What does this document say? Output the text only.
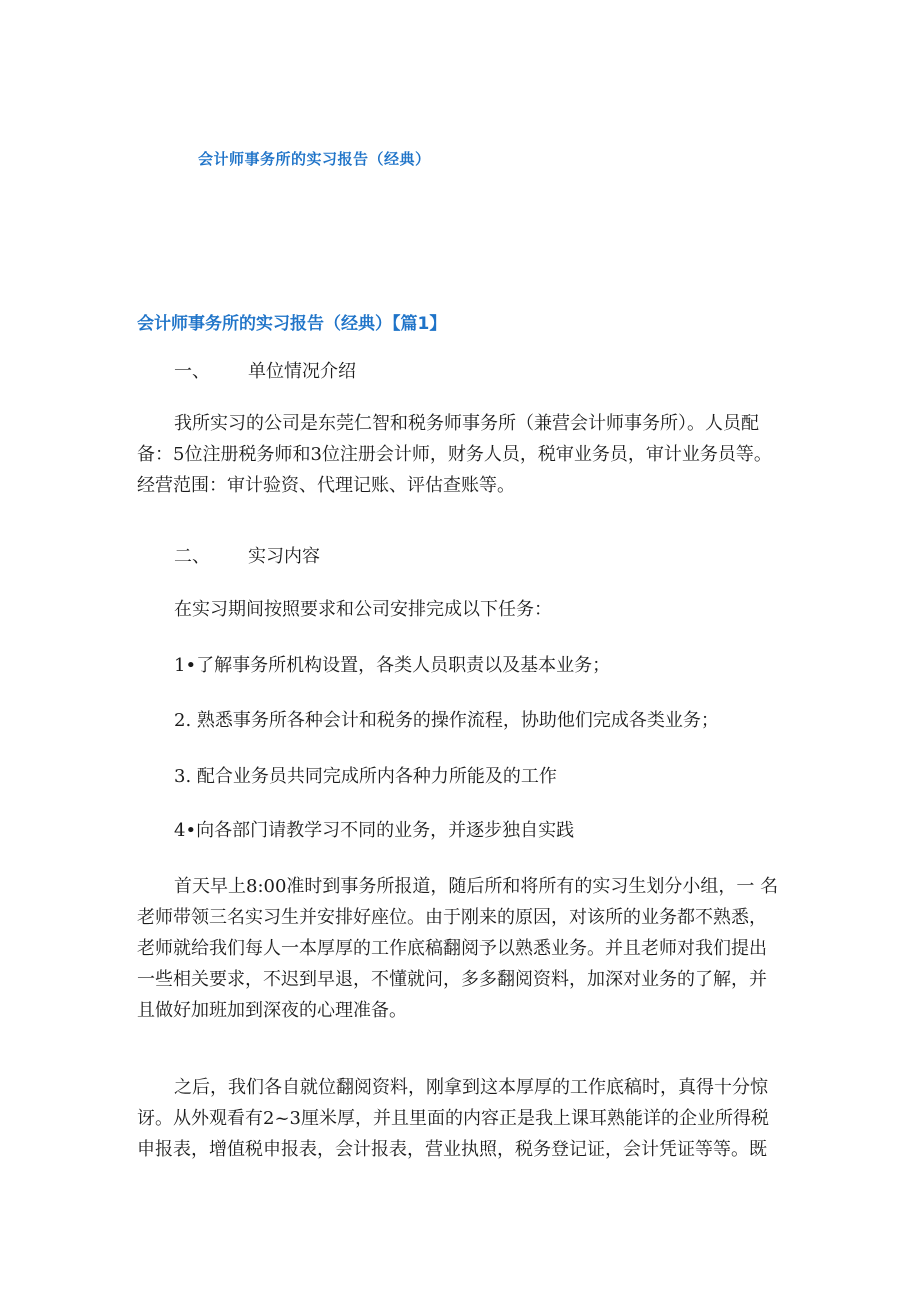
会计师事务所的实习报告（经典）
会计师事务所的实习报告（经典）【篇1】
一、 单位情况介绍
我所实习的公司是东莞仁智和税务师事务所（兼营会计师事务所）。人员配
备：5位注册税务师和3位注册会计师，财务人员，税审业务员，审计业务员等。
经营范围：审计验资、代理记账、评估查账等。
二、 实习内容
在实习期间按照要求和公司安排完成以下任务：
1•了解事务所机构设置，各类人员职责以及基本业务；
2. 熟悉事务所各种会计和税务的操作流程，协助他们完成各类业务；
3. 配合业务员共同完成所内各种力所能及的工作
4•向各部门请教学习不同的业务，并逐步独自实践
首天早上8:00准时到事务所报道，随后所和将所有的实习生划分小组，一 名
老师带领三名实习生并安排好座位。由于刚来的原因，对该所的业务都不熟悉，
老师就给我们每人一本厚厚的工作底稿翻阅予以熟悉业务。并且老师对我们提出
一些相关要求，不迟到早退，不懂就问，多多翻阅资料，加深对业务的了解，并
且做好加班加到深夜的心理准备。
之后，我们各自就位翻阅资料，刚拿到这本厚厚的工作底稿时，真得十分惊
讶。从外观看有2~3厘米厚，并且里面的内容正是我上课耳熟能详的企业所得税
申报表，增值税申报表，会计报表，营业执照，税务登记证，会计凭证等等。既
